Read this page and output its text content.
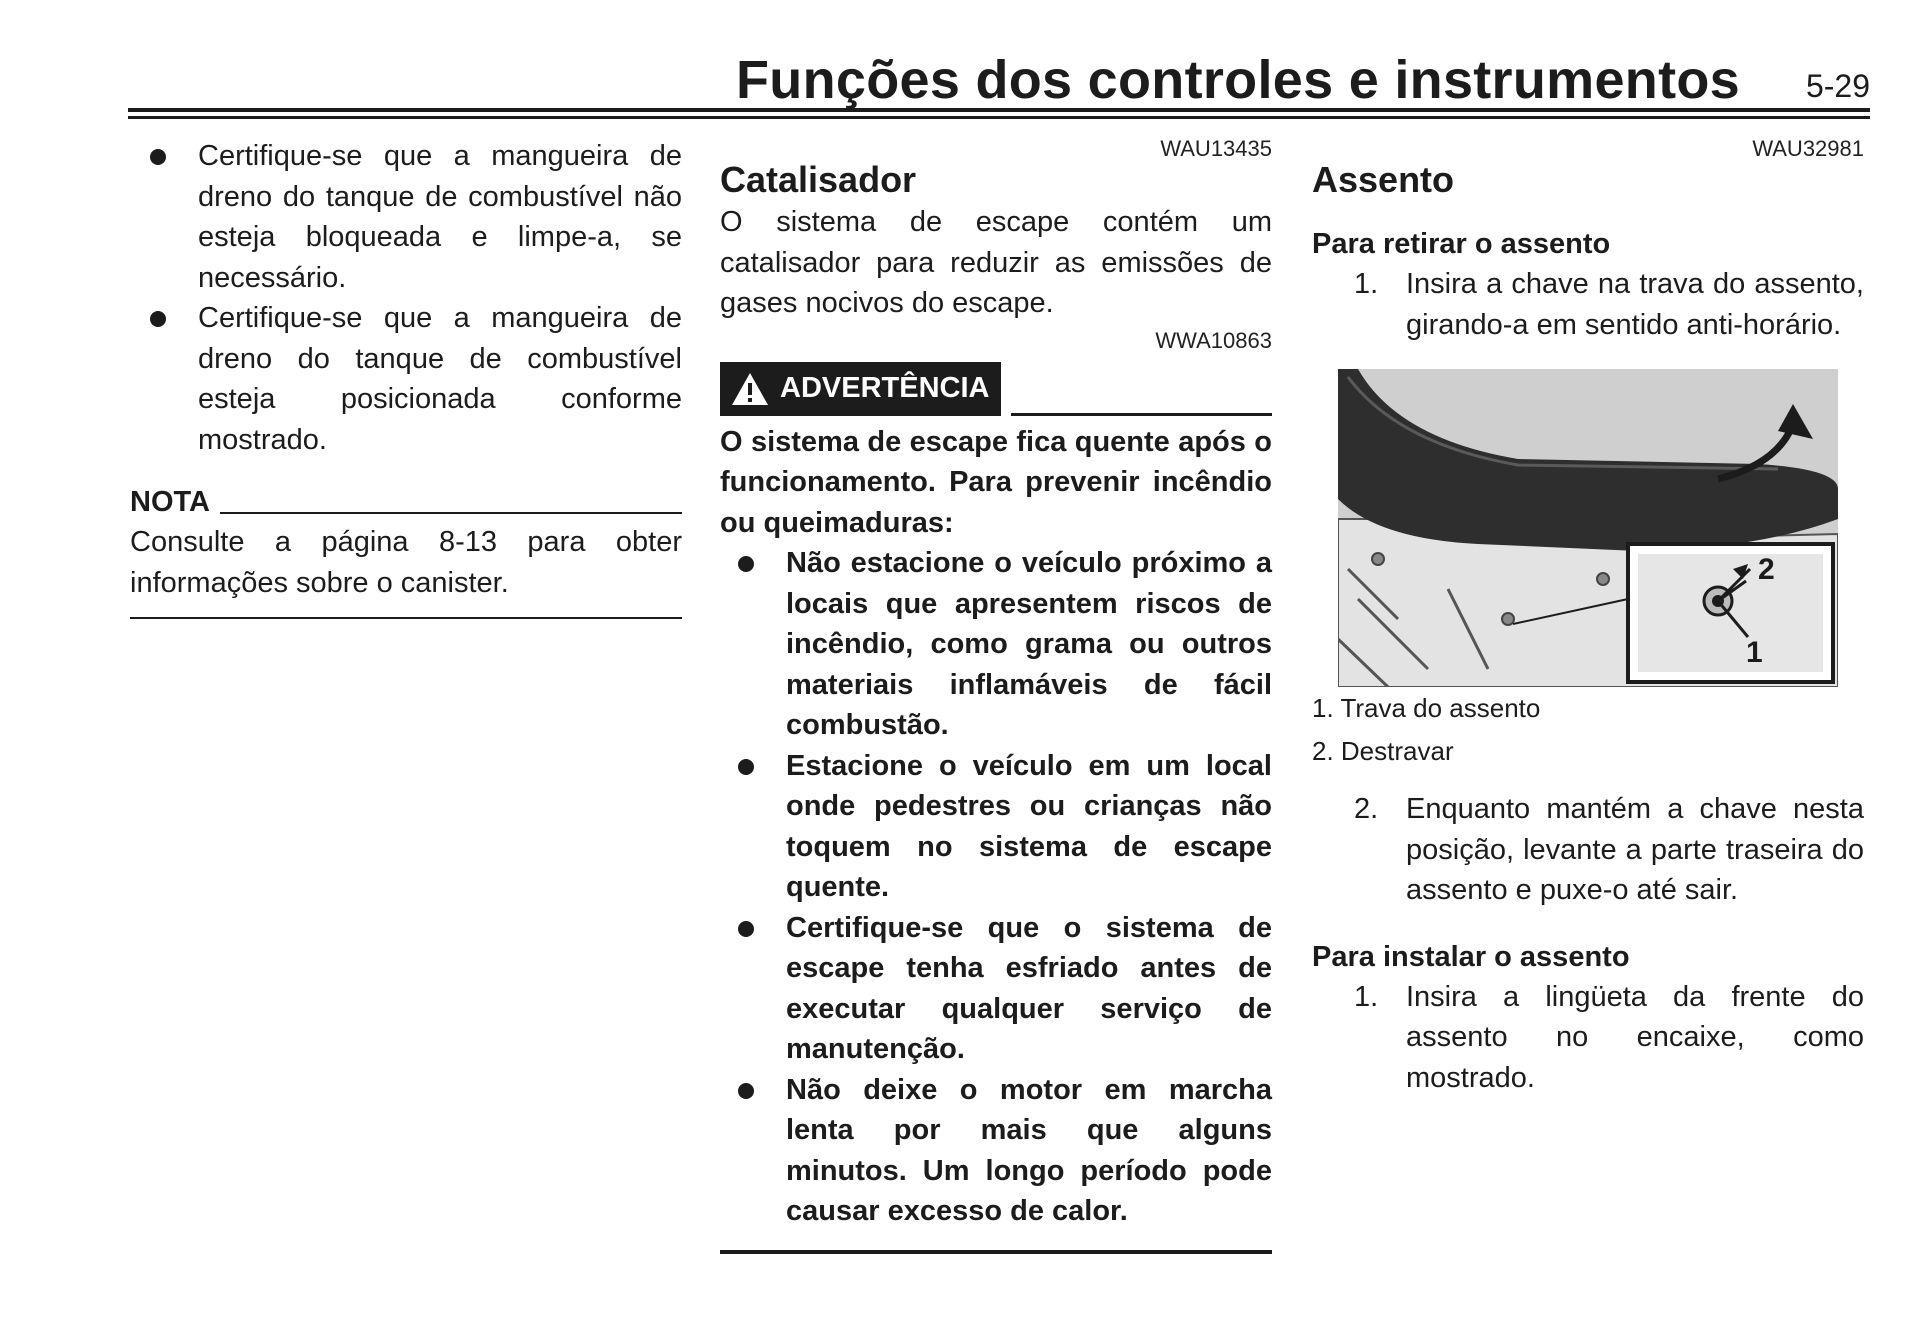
Funções dos controles e instrumentos 5-29
Certifique-se que a mangueira de dreno do tanque de combustível não esteja bloqueada e limpe-a, se necessário.
Certifique-se que a mangueira de dreno do tanque de combustível esteja posicionada conforme mostrado.
NOTA
Consulte a página 8-13 para obter informações sobre o canister.
WAU13435
Catalisador
O sistema de escape contém um catalisador para reduzir as emissões de gases nocivos do escape.
WWA10863
ADVERTÊNCIA
O sistema de escape fica quente após o funcionamento. Para prevenir incêndio ou queimaduras:
Não estacione o veículo próximo a locais que apresentem riscos de incêndio, como grama ou outros materiais inflamáveis de fácil combustão.
Estacione o veículo em um local onde pedestres ou crianças não toquem no sistema de escape quente.
Certifique-se que o sistema de escape tenha esfriado antes de executar qualquer serviço de manutenção.
Não deixe o motor em marcha lenta por mais que alguns minutos. Um longo período pode causar excesso de calor.
WAU32981
Assento
Para retirar o assento
1. Insira a chave na trava do assento, girando-a em sentido anti-horário.
2
1
1. Trava do assento
2. Destravar
2. Enquanto mantém a chave nesta posição, levante a parte traseira do assento e puxe-o até sair.
Para instalar o assento
1. Insira a lingüeta da frente do assento no encaixe, como mostrado.
